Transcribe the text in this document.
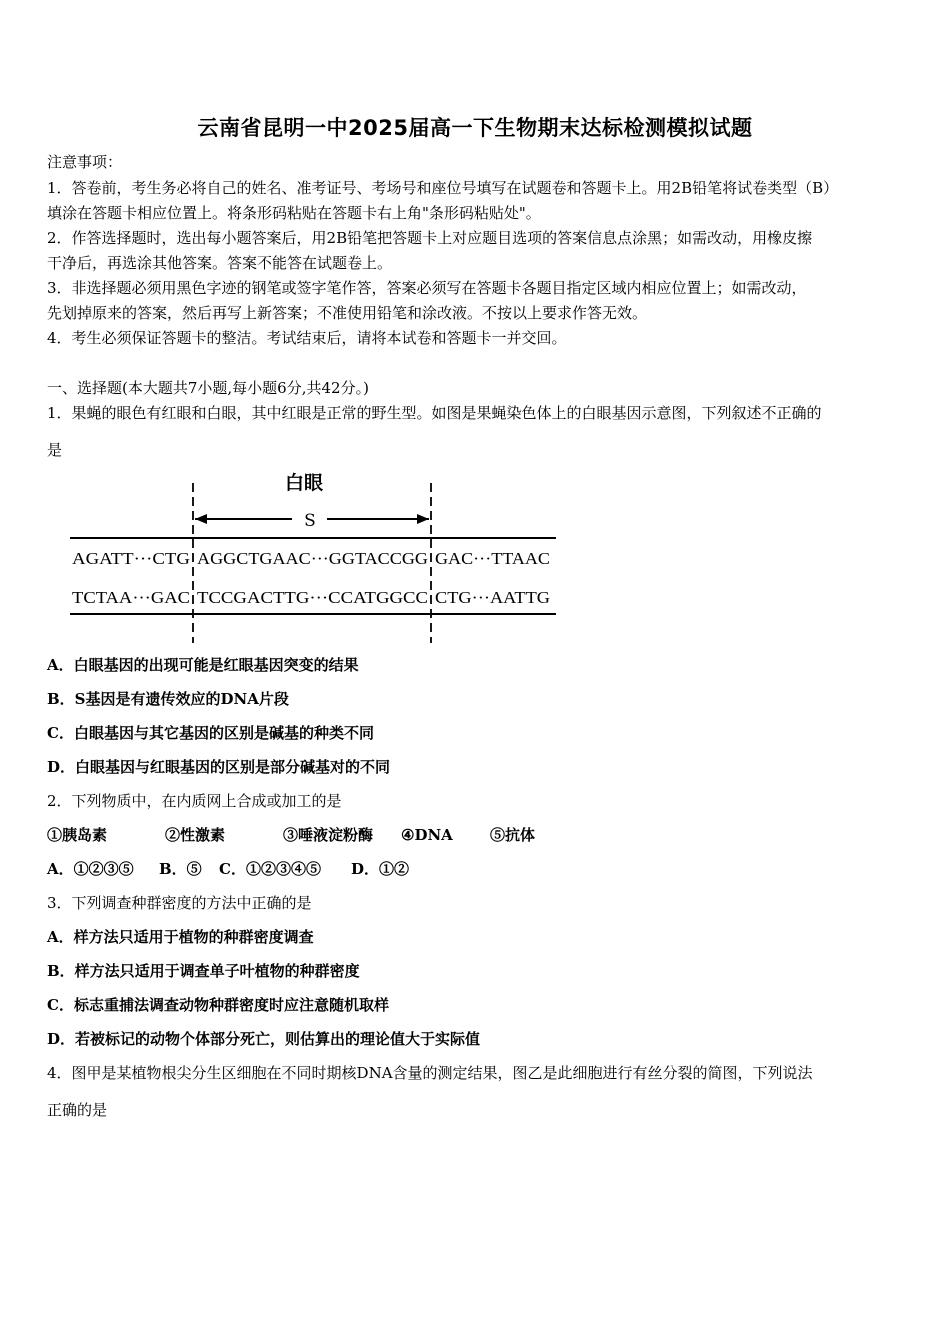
云南省昆明一中2025届高一下生物期末达标检测模拟试题
注意事项：
1．答卷前，考生务必将自己的姓名、准考证号、考场号和座位号填写在试题卷和答题卡上。用2B铅笔将试卷类型（B）
填涂在答题卡相应位置上。将条形码粘贴在答题卡右上角"条形码粘贴处"。
2．作答选择题时，选出每小题答案后，用2B铅笔把答题卡上对应题目选项的答案信息点涂黑；如需改动，用橡皮擦
干净后，再选涂其他答案。答案不能答在试题卷上。
3．非选择题必须用黑色字迹的钢笔或签字笔作答，答案必须写在答题卡各题目指定区域内相应位置上；如需改动，
先划掉原来的答案，然后再写上新答案；不准使用铅笔和涂改液。不按以上要求作答无效。
4．考生必须保证答题卡的整洁。考试结束后，请将本试卷和答题卡一并交回。
一、选择题(本大题共7小题,每小题6分,共42分。)
1．果蝇的眼色有红眼和白眼，其中红眼是正常的野生型。如图是果蝇染色体上的白眼基因示意图，下列叙述不正确的
是
白眼
S
AGATT···CTG AGGCTGAAC···GGTACCGG GAC···TTAAC
TCTAA···GAC TCCGACTTG···CCATGGCC CTG···AATTG
A．白眼基因的出现可能是红眼基因突变的结果
B．S基因是有遗传效应的DNA片段
C．白眼基因与其它基因的区别是碱基的种类不同
D．白眼基因与红眼基因的区别是部分碱基对的不同
2．下列物质中，在内质网上合成或加工的是
①胰岛素	②性激素	③唾液淀粉酶 ④DNA ⑤抗体
A．①②③⑤ B．⑤ C．①②③④⑤ D．①②
3．下列调查种群密度的方法中正确的是
A．样方法只适用于植物的种群密度调查
B．样方法只适用于调查单子叶植物的种群密度
C．标志重捕法调查动物种群密度时应注意随机取样
D．若被标记的动物个体部分死亡，则估算出的理论值大于实际值
4．图甲是某植物根尖分生区细胞在不同时期核DNA含量的测定结果，图乙是此细胞进行有丝分裂的简图，下列说法
正确的是
